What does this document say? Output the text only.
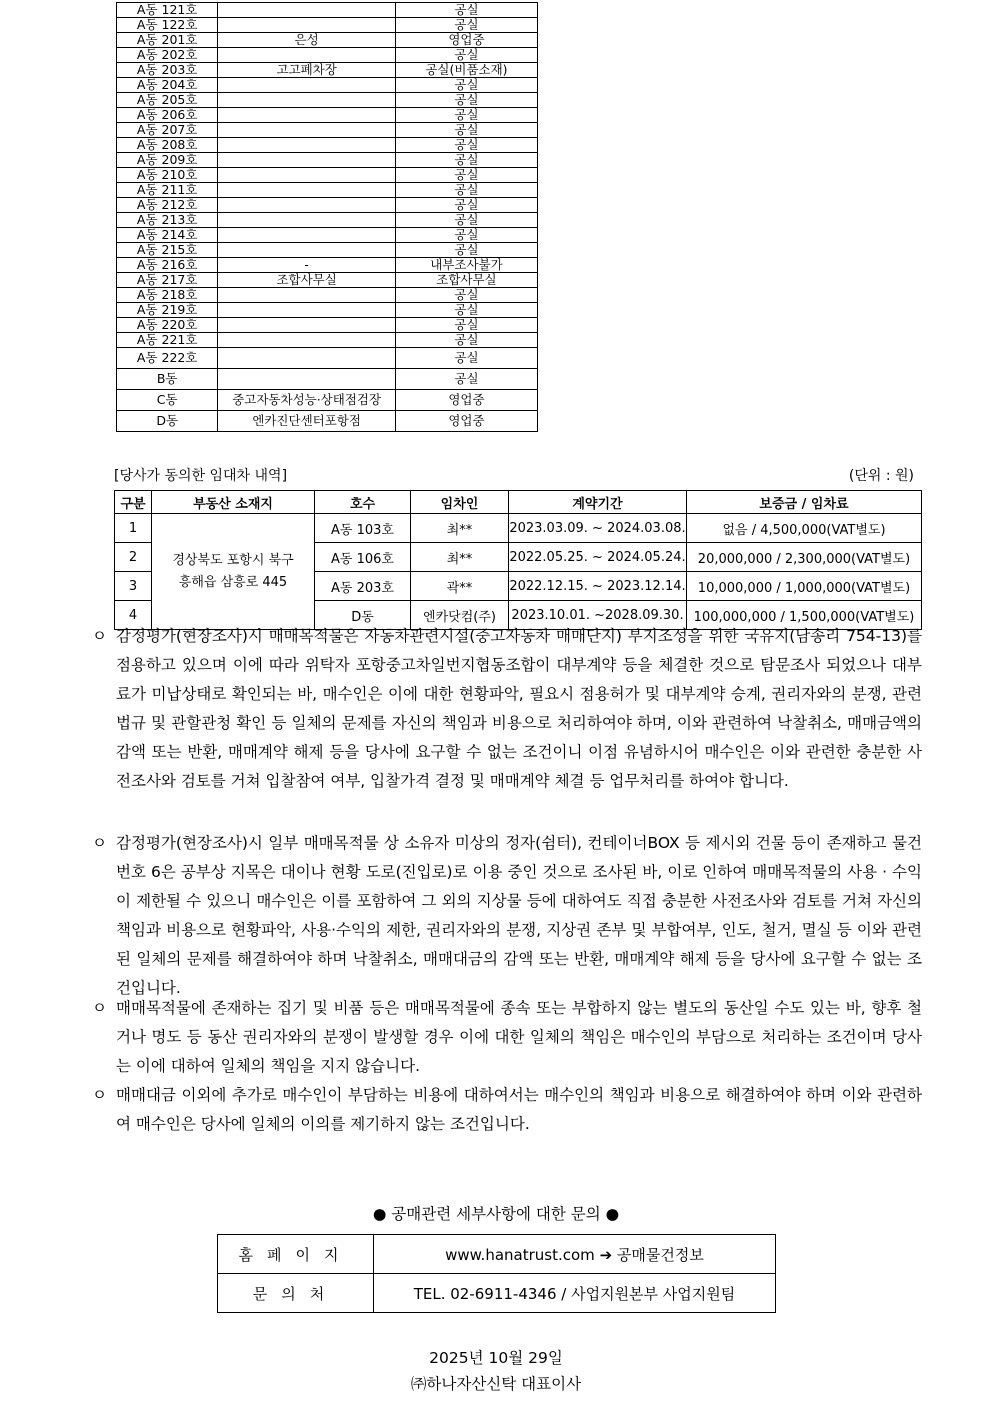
A동 121호		공실
A동 122호		공실
A동 201호	은성	영업중
A동 202호		공실
A동 203호	고고폐차장	공실(비품소재)
A동 204호		공실
A동 205호		공실
A동 206호		공실
A동 207호		공실
A동 208호		공실
A동 209호		공실
A동 210호		공실
A동 211호		공실
A동 212호		공실
A동 213호		공실
A동 214호		공실
A동 215호		공실
A동 216호	-	내부조사불가
A동 217호	조합사무실	조합사무실
A동 218호		공실
A동 219호		공실
A동 220호		공실
A동 221호		공실
A동 222호		공실
B동		공실
C동	중고자동차성능·상태점검장	영업중
D동	엔카진단센터포항점	영업중
[당사가 동의한 임대차 내역]	(단위 : 원)
구분	부동산 소재지	호수	임차인	계약기간	보증금 / 임차료
1	경상북도 포항시 북구
흥해읍 삼흥로 445	A동 103호	최**	2023.03.09. ~ 2024.03.08.	없음 / 4,500,000(VAT별도)
2		A동 106호	최**	2022.05.25. ~ 2024.05.24.	20,000,000 / 2,300,000(VAT별도)
3		A동 203호	곽**	2022.12.15. ~ 2023.12.14.	10,000,000 / 1,000,000(VAT별도)
4		D동	엔카닷컴(주)	2023.10.01. ~2028.09.30.	100,000,000 / 1,500,000(VAT별도)
ㅇ 감정평가(현장조사)시 매매목적물은 자동차관련시설(중고자동차 매매단지) 부지조성을 위한 국유지(남송리 754-13)를 점용하고 있으며 이에 따라 위탁자 포항중고차일번지협동조합이 대부계약 등을 체결한 것으로 탐문조사 되었으나 대부료가 미납상태로 확인되는 바, 매수인은 이에 대한 현황파악, 필요시 점용허가 및 대부계약 승계, 권리자와의 분쟁, 관련법규 및 관할관청 확인 등 일체의 문제를 자신의 책임과 비용으로 처리하여야 하며, 이와 관련하여 낙찰취소, 매매금액의 감액 또는 반환, 매매계약 해제 등을 당사에 요구할 수 없는 조건이니 이점 유념하시어 매수인은 이와 관련한 충분한 사전조사와 검토를 거쳐 입찰참여 여부, 입찰가격 결정 및 매매계약 체결 등 업무처리를 하여야 합니다.
ㅇ 감정평가(현장조사)시 일부 매매목적물 상 소유자 미상의 정자(쉼터), 컨테이너BOX 등 제시외 건물 등이 존재하고 물건번호 6은 공부상 지목은 대이나 현황 도로(진입로)로 이용 중인 것으로 조사된 바, 이로 인하여 매매목적물의 사용 · 수익이 제한될 수 있으니 매수인은 이를 포함하여 그 외의 지상물 등에 대하여도 직접 충분한 사전조사와 검토를 거쳐 자신의 책임과 비용으로 현황파악, 사용·수익의 제한, 권리자와의 분쟁, 지상권 존부 및 부합여부, 인도, 철거, 멸실 등 이와 관련된 일체의 문제를 해결하여야 하며 낙찰취소, 매매대금의 감액 또는 반환, 매매계약 해제 등을 당사에 요구할 수 없는 조건입니다.
ㅇ 매매목적물에 존재하는 집기 및 비품 등은 매매목적물에 종속 또는 부합하지 않는 별도의 동산일 수도 있는 바, 향후 철거나 명도 등 동산 권리자와의 분쟁이 발생할 경우 이에 대한 일체의 책임은 매수인의 부담으로 처리하는 조건이며 당사는 이에 대하여 일체의 책임을 지지 않습니다.
ㅇ 매매대금 이외에 추가로 매수인이 부담하는 비용에 대하여서는 매수인의 책임과 비용으로 해결하여야 하며 이와 관련하여 매수인은 당사에 일체의 이의를 제기하지 않는 조건입니다.
● 공매관련 세부사항에 대한 문의 ●
홈페이지	www.hanatrust.com ➔ 공매물건정보
문의처	TEL. 02-6911-4346 / 사업지원본부 사업지원팀
2025년 10월 29일
㈜하나자산신탁 대표이사
